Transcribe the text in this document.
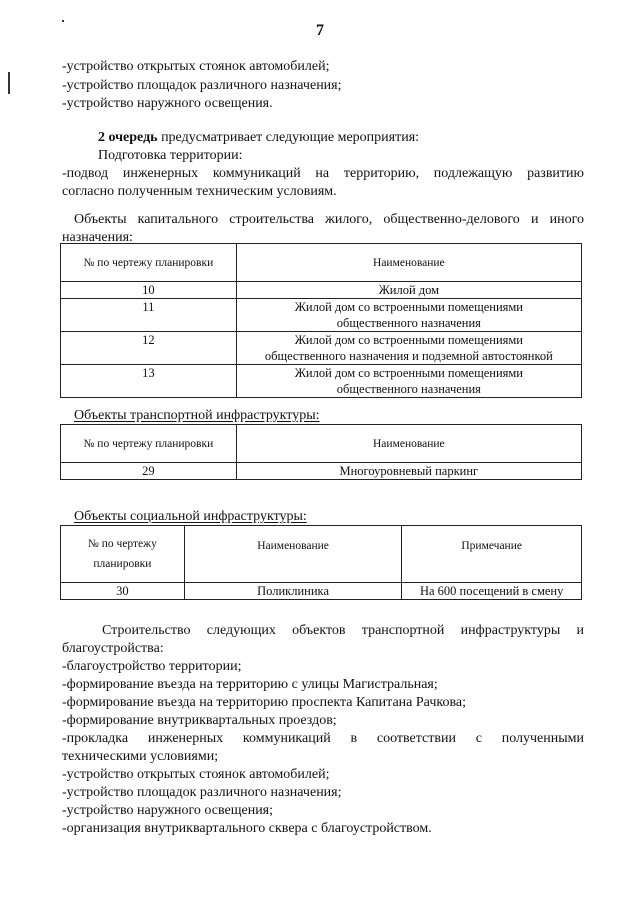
7
-устройство открытых стоянок автомобилей;
-устройство площадок различного назначения;
-устройство наружного освещения.
2 очередь предусматривает следующие мероприятия:
Подготовка территории:
-подвод инженерных коммуникаций на территорию, подлежащую развитию
согласно полученным техническим условиям.
Объекты капитального строительства жилого, общественно-делового и иного
назначения:
№ по чертежу планировки	Наименование
10	Жилой дом

11	Жилой дом со встроенными помещениями
общественного назначения

12	Жилой дом со встроенными помещениями
общественного назначения и подземной автостоянкой

13	Жилой дом со встроенными помещениями
общественного назначения
Объекты транспортной инфраструктуры:
№ по чертежу планировки	Наименование
29	Многоуровневый паркинг
Объекты социальной инфраструктуры:
№ по чертежу
планировки	Наименование	Примечание
30	Поликлиника	На 600 посещений в смену
Строительство следующих объектов транспортной инфраструктуры и
благоустройства:
-благоустройство территории;
-формирование въезда на территорию с улицы Магистральная;
-формирование въезда на территорию проспекта Капитана Рачкова;
-формирование внутриквартальных проездов;
-прокладка инженерных коммуникаций в соответствии с полученными
техническими условиями;
-устройство открытых стоянок автомобилей;
-устройство площадок различного назначения;
-устройство наружного освещения;
-организация внутриквартального сквера с благоустройством.
